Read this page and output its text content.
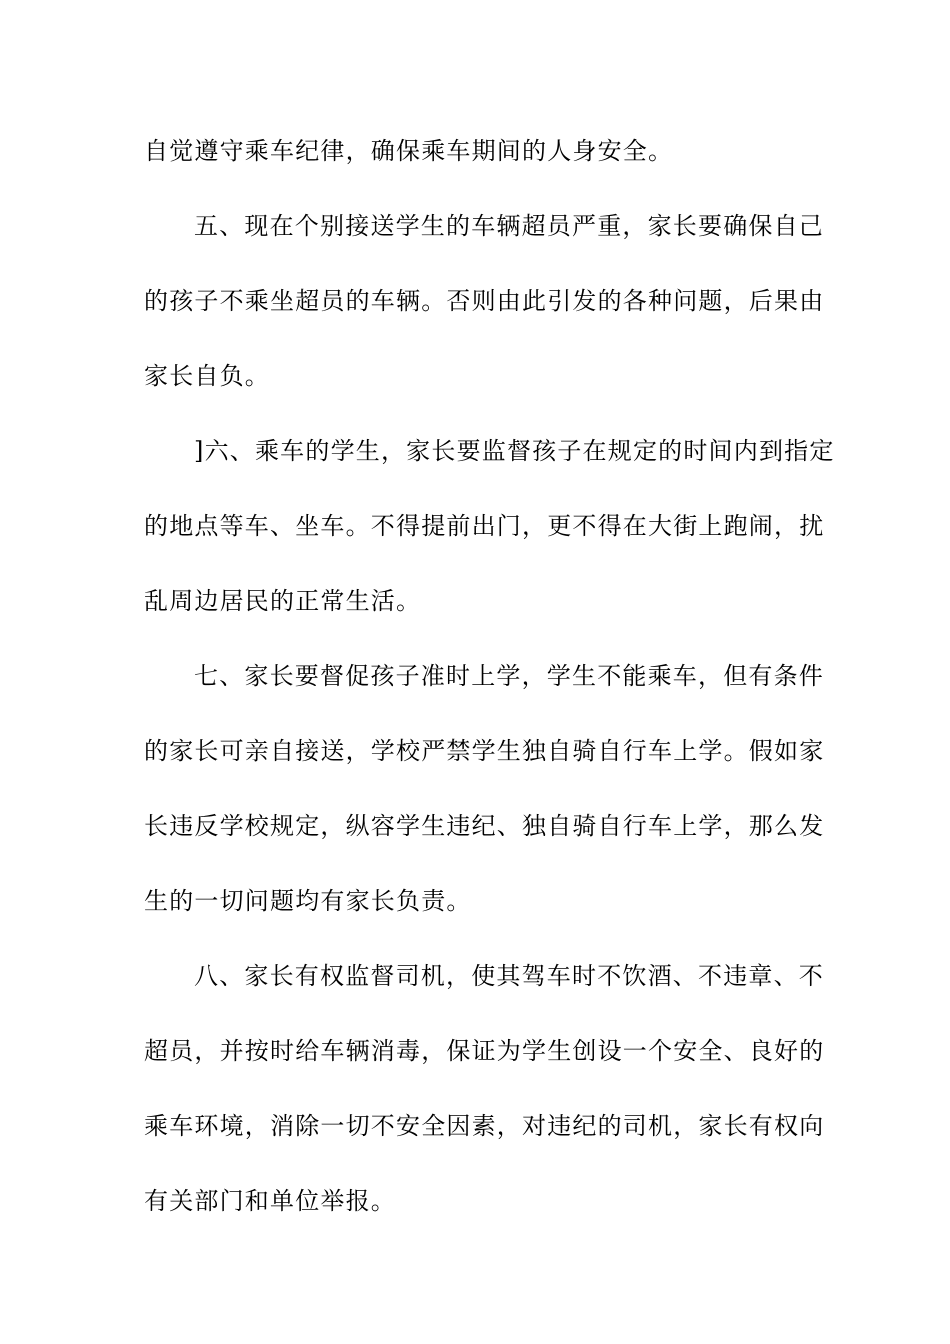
自觉遵守乘车纪律，确保乘车期间的人身安全。

五、现在个别接送学生的车辆超员严重，家长要确保自己
的孩子不乘坐超员的车辆。否则由此引发的各种问题，后果由
家长自负。

]六、乘车的学生，家长要监督孩子在规定的时间内到指定
的地点等车、坐车。不得提前出门，更不得在大街上跑闹，扰
乱周边居民的正常生活。

七、家长要督促孩子准时上学，学生不能乘车，但有条件
的家长可亲自接送，学校严禁学生独自骑自行车上学。假如家
长违反学校规定，纵容学生违纪、独自骑自行车上学，那么发
生的一切问题均有家长负责。

八、家长有权监督司机，使其驾车时不饮酒、不违章、不
超员，并按时给车辆消毒，保证为学生创设一个安全、良好的
乘车环境，消除一切不安全因素，对违纪的司机，家长有权向
有关部门和单位举报。
